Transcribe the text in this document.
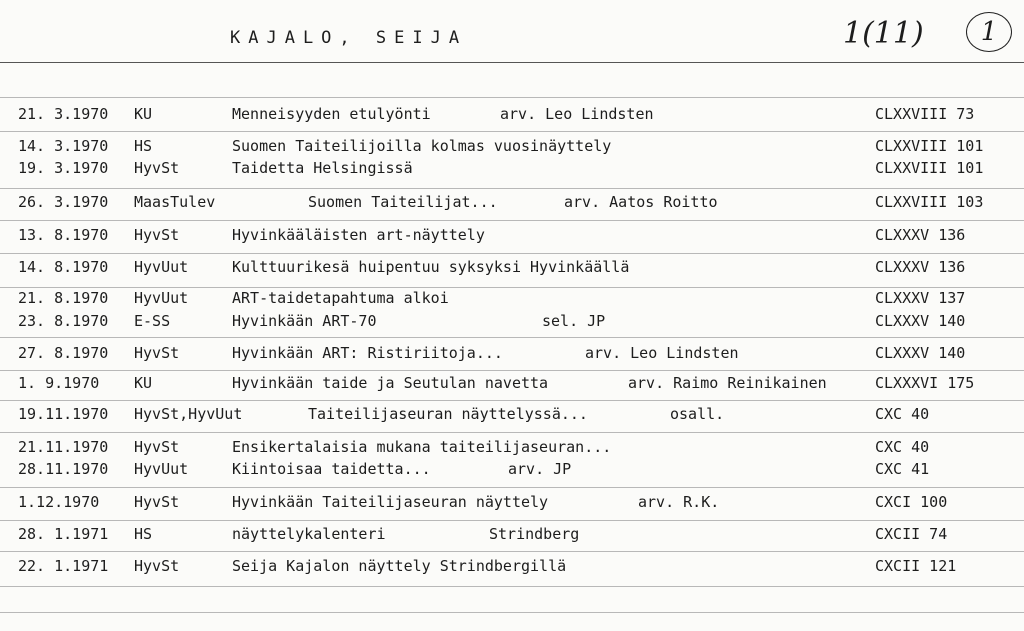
KAJALO, SEIJA	1(11) 1
21. 3.1970 KU	Menneisyyden etulyönti	arv. Leo Lindsten	CLXXVIII 73
14. 3.1970 HS	Suomen Taiteilijoilla kolmas vuosinäyttely	CLXXVIII 101
19. 3.1970 HyvSt	Taidetta Helsingissä	CLXXVIII 101
26. 3.1970 MaasTulev	Suomen Taiteilijat...	arv. Aatos Roitto	CLXXVIII 103
13. 8.1970 HyvSt	Hyvinkääläisten art-näyttely	CLXXXV 136
14. 8.1970 HyvUut	Kulttuurikesä huipentuu syksyksi Hyvinkäällä	CLXXXV 136
21. 8.1970 HyvUut	ART-taidetapahtuma alkoi	CLXXXV 137
23. 8.1970 E-SS	Hyvinkään ART-70	sel. JP	CLXXXV 140
27. 8.1970 HyvSt	Hyvinkään ART: Ristiriitoja...	arv. Leo Lindsten	CLXXXV 140
1. 9.1970 KU	Hyvinkään taide ja Seutulan navetta	arv. Raimo Reinikainen	CLXXXVI 175
19.11.1970 HyvSt,HyvUut	Taiteilijaseuran näyttelyssä...	osall.	CXC 40
21.11.1970 HyvSt	Ensikertalaisia mukana taiteilijaseuran...	CXC 40
28.11.1970 HyvUut	Kiintoisaa taidetta...	arv. JP	CXC 41
1.12.1970 HyvSt	Hyvinkään Taiteilijaseuran näyttely	arv. R.K.	CXCI 100
28. 1.1971 HS	näyttelykalenteri	Strindberg	CXCII 74
22. 1.1971 HyvSt	Seija Kajalon näyttely Strindbergillä	CXCII 121
